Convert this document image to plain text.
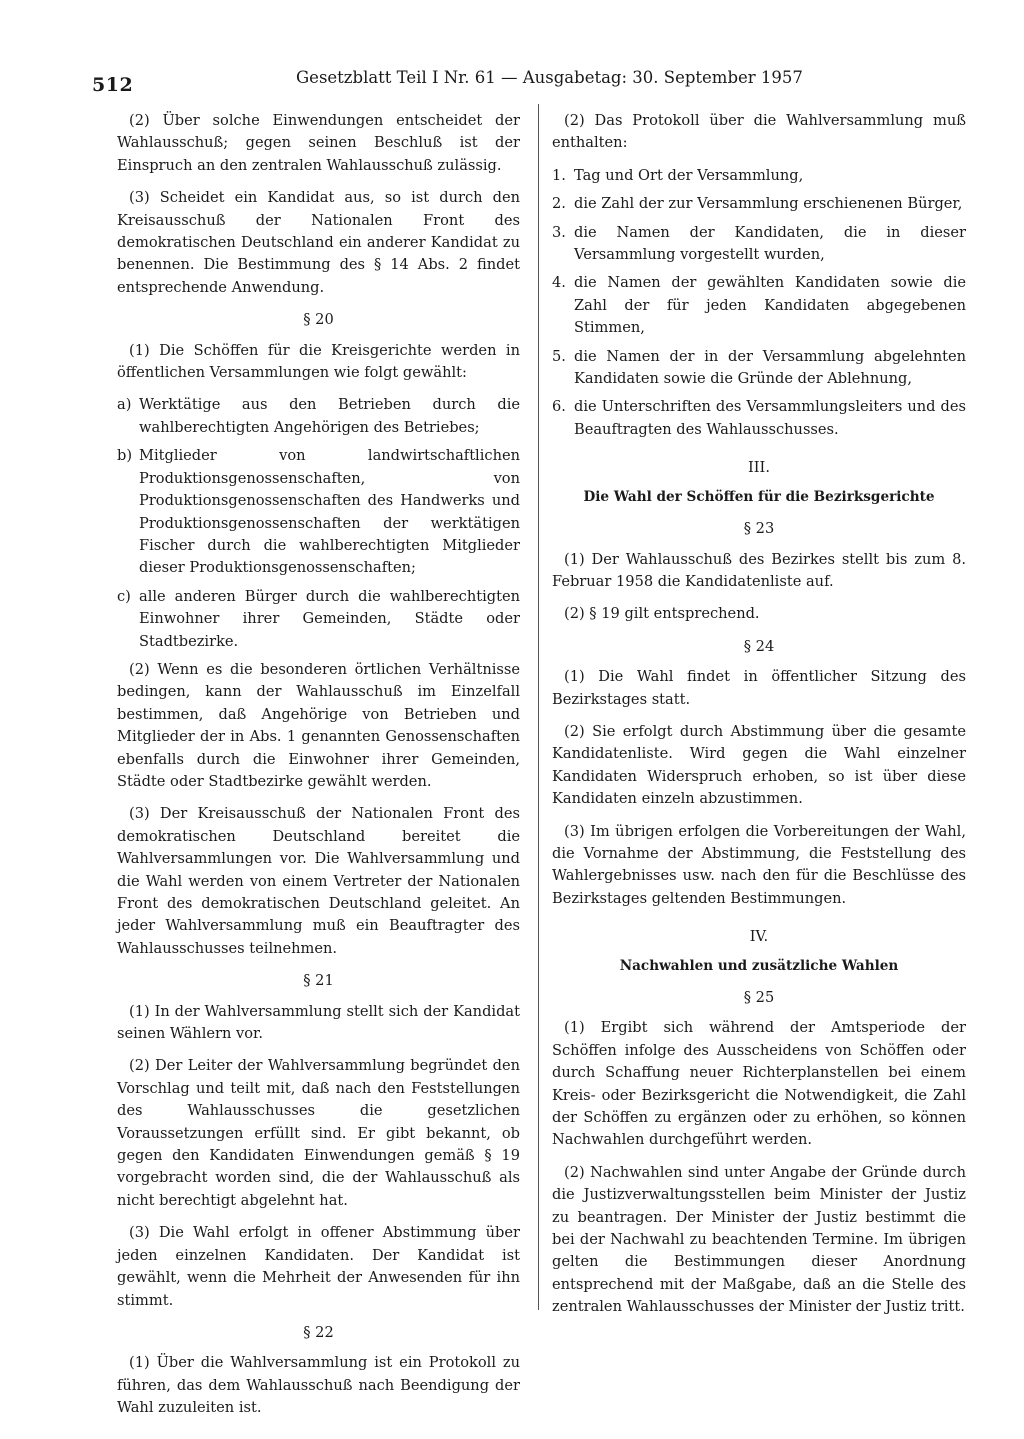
512	Gesetzblatt Teil I Nr. 61 — Ausgabetag: 30. September 1957

(2) Über solche Einwendungen entscheidet der Wahlausschuß; gegen seinen Beschluß ist der Einspruch an den zentralen Wahlausschuß zulässig.

(3) Scheidet ein Kandidat aus, so ist durch den Kreisausschuß der Nationalen Front des demokratischen Deutschland ein anderer Kandidat zu benennen. Die Bestimmung des § 14 Abs. 2 findet entsprechende Anwendung.

§ 20

(1) Die Schöffen für die Kreisgerichte werden in öffentlichen Versammlungen wie folgt gewählt:

a) Werktätige aus den Betrieben durch die wahlberechtigten Angehörigen des Betriebes;
b) Mitglieder von landwirtschaftlichen Produktionsgenossenschaften, von Produktionsgenossenschaften des Handwerks und Produktionsgenossenschaften der werktätigen Fischer durch die wahlberechtigten Mitglieder dieser Produktionsgenossenschaften;
c) alle anderen Bürger durch die wahlberechtigten Einwohner ihrer Gemeinden, Städte oder Stadtbezirke.

(2) Wenn es die besonderen örtlichen Verhältnisse bedingen, kann der Wahlausschuß im Einzelfall bestimmen, daß Angehörige von Betrieben und Mitglieder der in Abs. 1 genannten Genossenschaften ebenfalls durch die Einwohner ihrer Gemeinden, Städte oder Stadtbezirke gewählt werden.

(3) Der Kreisausschuß der Nationalen Front des demokratischen Deutschland bereitet die Wahlversammlungen vor. Die Wahlversammlung und die Wahl werden von einem Vertreter der Nationalen Front des demokratischen Deutschland geleitet. An jeder Wahlversammlung muß ein Beauftragter des Wahlausschusses teilnehmen.

§ 21

(1) In der Wahlversammlung stellt sich der Kandidat seinen Wählern vor.

(2) Der Leiter der Wahlversammlung begründet den Vorschlag und teilt mit, daß nach den Feststellungen des Wahlausschusses die gesetzlichen Voraussetzungen erfüllt sind. Er gibt bekannt, ob gegen den Kandidaten Einwendungen gemäß § 19 vorgebracht worden sind, die der Wahlausschuß als nicht berechtigt abgelehnt hat.

(3) Die Wahl erfolgt in offener Abstimmung über jeden einzelnen Kandidaten. Der Kandidat ist gewählt, wenn die Mehrheit der Anwesenden für ihn stimmt.

§ 22

(1) Über die Wahlversammlung ist ein Protokoll zu führen, das dem Wahlausschuß nach Beendigung der Wahl zuzuleiten ist.

(2) Das Protokoll über die Wahlversammlung muß enthalten:

1. Tag und Ort der Versammlung,
2. die Zahl der zur Versammlung erschienenen Bürger,
3. die Namen der Kandidaten, die in dieser Versammlung vorgestellt wurden,
4. die Namen der gewählten Kandidaten sowie die Zahl der für jeden Kandidaten abgegebenen Stimmen,
5. die Namen der in der Versammlung abgelehnten Kandidaten sowie die Gründe der Ablehnung,
6. die Unterschriften des Versammlungsleiters und des Beauftragten des Wahlausschusses.

III.

Die Wahl der Schöffen für die Bezirksgerichte

§ 23

(1) Der Wahlausschuß des Bezirkes stellt bis zum 8. Februar 1958 die Kandidatenliste auf.

(2) § 19 gilt entsprechend.

§ 24

(1) Die Wahl findet in öffentlicher Sitzung des Bezirkstages statt.

(2) Sie erfolgt durch Abstimmung über die gesamte Kandidatenliste. Wird gegen die Wahl einzelner Kandidaten Widerspruch erhoben, so ist über diese Kandidaten einzeln abzustimmen.

(3) Im übrigen erfolgen die Vorbereitungen der Wahl, die Vornahme der Abstimmung, die Feststellung des Wahlergebnisses usw. nach den für die Beschlüsse des Bezirkstages geltenden Bestimmungen.

IV.

Nachwahlen und zusätzliche Wahlen

§ 25

(1) Ergibt sich während der Amtsperiode der Schöffen infolge des Ausscheidens von Schöffen oder durch Schaffung neuer Richterplanstellen bei einem Kreis- oder Bezirksgericht die Notwendigkeit, die Zahl der Schöffen zu ergänzen oder zu erhöhen, so können Nachwahlen durchgeführt werden.

(2) Nachwahlen sind unter Angabe der Gründe durch die Justizverwaltungsstellen beim Minister der Justiz zu beantragen. Der Minister der Justiz bestimmt die bei der Nachwahl zu beachtenden Termine. Im übrigen gelten die Bestimmungen dieser Anordnung entsprechend mit der Maßgabe, daß an die Stelle des zentralen Wahlausschusses der Minister der Justiz tritt.
